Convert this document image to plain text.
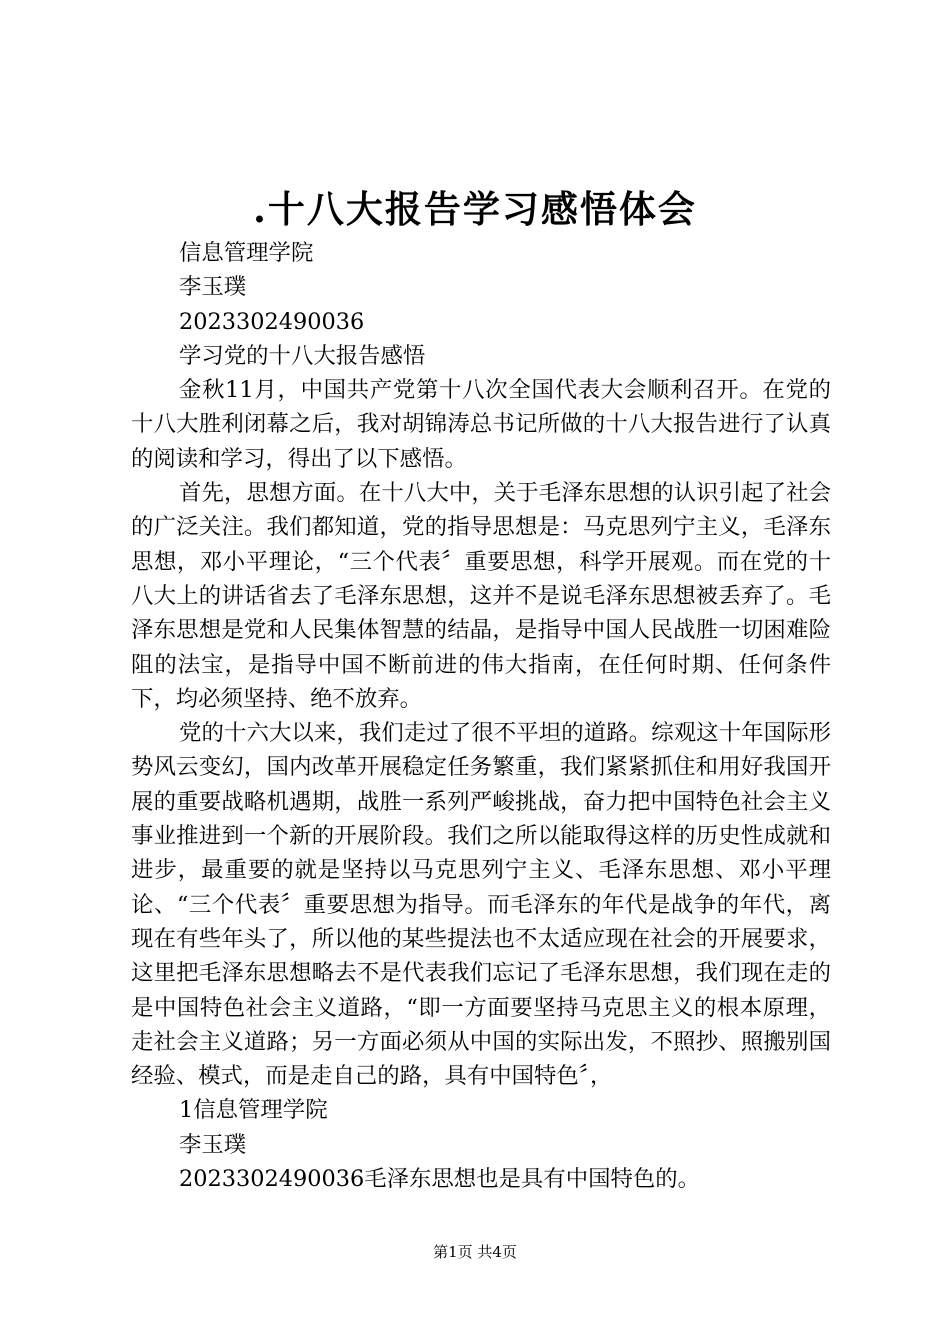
.十八大报告学习感悟体会

信息管理学院

李玉璞

2023302490036

学习党的十八大报告感悟

金秋11月，中国共产党第十八次全国代表大会顺利召开。在党的十八大胜利闭幕之后，我对胡锦涛总书记所做的十八大报告进行了认真的阅读和学习，得出了以下感悟。

首先，思想方面。在十八大中，关于毛泽东思想的认识引起了社会的广泛关注。我们都知道，党的指导思想是：马克思列宁主义，毛泽东思想，邓小平理论，“三个代表〞重要思想，科学开展观。而在党的十八大上的讲话省去了毛泽东思想，这并不是说毛泽东思想被丢弃了。毛泽东思想是党和人民集体智慧的结晶，是指导中国人民战胜一切困难险阻的法宝，是指导中国不断前进的伟大指南，在任何时期、任何条件下，均必须坚持、绝不放弃。

党的十六大以来，我们走过了很不平坦的道路。综观这十年国际形势风云变幻，国内改革开展稳定任务繁重，我们紧紧抓住和用好我国开展的重要战略机遇期，战胜一系列严峻挑战，奋力把中国特色社会主义事业推进到一个新的开展阶段。我们之所以能取得这样的历史性成就和进步，最重要的就是坚持以马克思列宁主义、毛泽东思想、邓小平理论、“三个代表〞重要思想为指导。而毛泽东的年代是战争的年代，离现在有些年头了，所以他的某些提法也不太适应现在社会的开展要求，这里把毛泽东思想略去不是代表我们忘记了毛泽东思想，我们现在走的是中国特色社会主义道路，“即一方面要坚持马克思主义的根本原理，走社会主义道路；另一方面必须从中国的实际出发，不照抄、照搬别国经验、模式，而是走自己的路，具有中国特色〞，

1信息管理学院

李玉璞

2023302490036毛泽东思想也是具有中国特色的。

第1页 共4页
